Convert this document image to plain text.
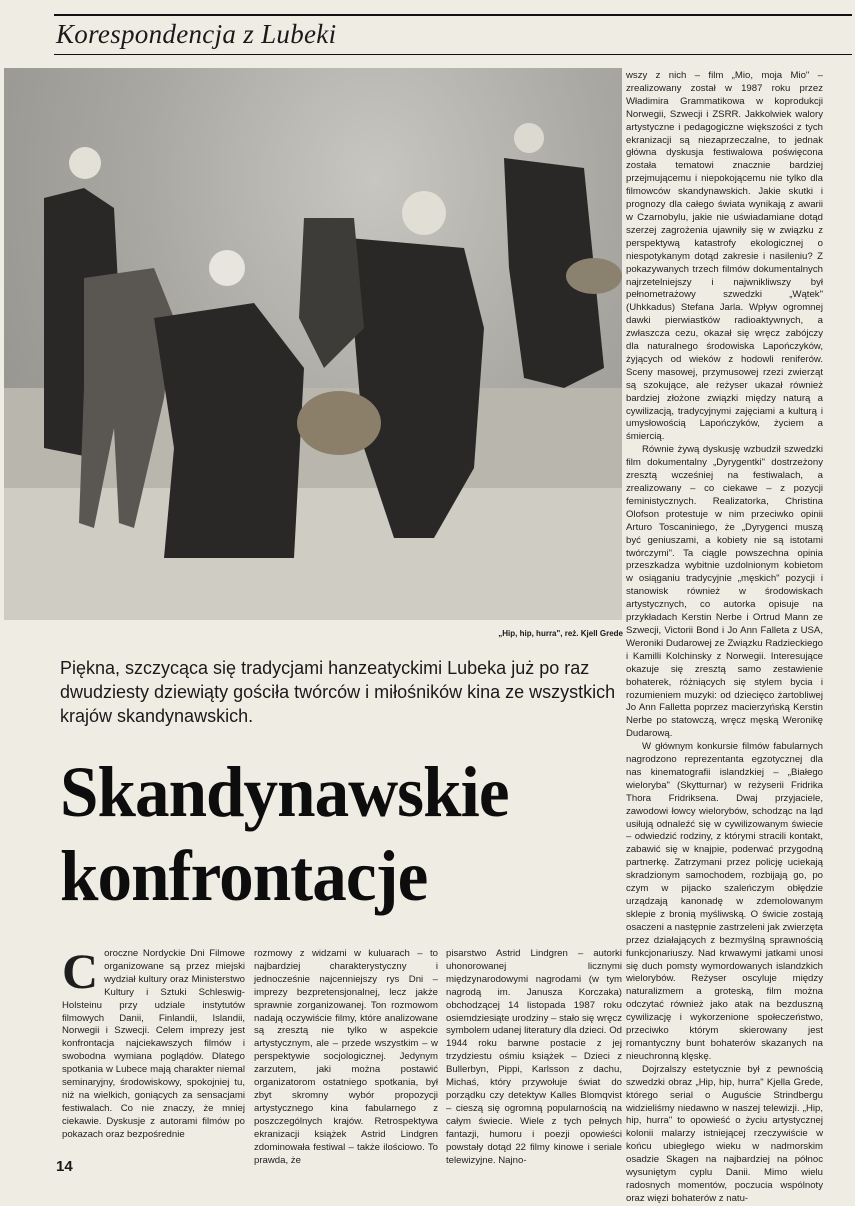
Korespondencja z Lubeki
„Hip, hip, hurra", reż. Kjell Grede
Piękna, szczycąca się tradycjami hanzeatyckimi Lubeka już po raz dwudziesty dziewiąty gościła twórców i miłośników kina ze wszystkich krajów skandynawskich.
Skandynawskie
konfrontacje

Coroczne Nordyckie Dni Filmowe organizowane są przez miejski wydział kultury oraz Ministerstwo Kultury i Sztuki Schleswig-Holsteinu przy udziale instytutów filmowych Danii, Finlandii, Islandii, Norwegii i Szwecji. Celem imprezy jest konfrontacja najciekawszych filmów i swobodna wymiana poglądów. Dlatego spotkania w Lubece mają charakter niemal seminaryjny, środowiskowy, spokojniej tu, niż na wielkich, goniących za sensacjami festiwalach. Co nie znaczy, że mniej ciekawie. Dyskusje z autorami filmów po pokazach oraz bezpośrednie

rozmowy z widzami w kuluarach – to najbardziej charakterystyczny i jednocześnie najcenniejszy rys Dni – imprezy bezpretensjonalnej, lecz jakże sprawnie zorganizowanej. Ton rozmowom nadają oczywiście filmy, które analizowane są zresztą nie tylko w aspekcie artystycznym, ale – przede wszystkim – w perspektywie socjologicznej. Jedynym zarzutem, jaki można postawić organizatorom ostatniego spotkania, był zbyt skromny wybór propozycji artystycznego kina fabularnego z poszczególnych krajów. Retrospektywa ekranizacji książek Astrid Lindgren zdominowała festiwal – także ilościowo. To prawda, że

pisarstwo Astrid Lindgren – autorki uhonorowanej licznymi międzynarodowymi nagrodami (w tym nagrodą im. Janusza Korczaka) obchodzącej 14 listopada 1987 roku osiemdziesiąte urodziny – stało się wręcz symbolem udanej literatury dla dzieci. Od 1944 roku barwne postacie z jej trzydziestu ośmiu książek – Dzieci z Bullerbyn, Pippi, Karlsson z dachu, Michaś, który przywołuje świat do porządku czy detektyw Kalles Blomqvist – cieszą się ogromną popularnością na całym świecie. Wiele z tych pełnych fantazji, humoru i poezji opowieści powstały dotąd 22 filmy kinowe i seriale telewizyjne. Najno-

wszy z nich – film „Mio, moja Mio" – zrealizowany został w 1987 roku przez Władimira Grammatikowa w koprodukcji Norwegii, Szwecji i ZSRR. Jakkolwiek walory artystyczne i pedagogiczne większości z tych ekranizacji są niezaprzeczalne, to jednak główna dyskusja festiwalowa poświęcona została tematowi znacznie bardziej przejmującemu i niepokojącemu nie tylko dla filmowców skandynawskich. Jakie skutki i prognozy dla całego świata wynikają z awarii w Czarnobylu, jakie nie uświadamiane dotąd szerzej zagrożenia ujawniły się w związku z perspektywą katastrofy ekologicznej o niespotykanym dotąd zakresie i nasileniu? Z pokazywanych trzech filmów dokumentalnych najrzetelniejszy i najwnikliwszy był pełnometrażowy szwedzki „Wątek" (Uhkkadus) Stefana Jarla. Wpływ ogromnej dawki pierwiastków radioaktywnych, a zwłaszcza cezu, okazał się wręcz zabójczy dla naturalnego środowiska Lapończyków, żyjących od wieków z hodowli reniferów. Sceny masowej, przymusowej rzezi zwierząt są szokujące, ale reżyser ukazał również bardziej złożone związki między naturą a cywilizacją, tradycyjnymi zajęciami a kulturą i umysłowością Lapończyków, życiem a śmiercią.

Równie żywą dyskusję wzbudził szwedzki film dokumentalny „Dyrygentki" dostrzeżony zresztą wcześniej na festiwalach, a zrealizowany – co ciekawe – z pozycji feministycznych. Realizatorka, Christina Olofson protestuje w nim przeciwko opinii Arturo Toscaniniego, że „Dyrygenci muszą być geniuszami, a kobiety nie są istotami twórczymi". Ta ciągle powszechna opinia przeszkadza wybitnie uzdolnionym kobietom w osiąganiu tradycyjnie „męskich" pozycji i stanowisk również w środowiskach artystycznych, co autorka opisuje na przykładach Kerstin Nerbe i Ortrud Mann ze Szwecji, Victorii Bond i Jo Ann Falleta z USA, Weroniki Dudarowej ze Związku Radzieckiego i Kamilli Kolchinsky z Norwegii. Interesujące okazuje się zresztą samo zestawienie bohaterek, różniących się stylem bycia i rozumieniem muzyki: od dziecięco żartobliwej Jo Ann Falletta poprzez macierzyńską Kerstin Nerbe po statowczą, wręcz męską Weronikę Dudarową.

W głównym konkursie filmów fabularnych nagrodzono reprezentanta egzotycznej dla nas kinematografii islandzkiej – „Białego wieloryba" (Skytturnar) w reżyserii Fridrika Thora Fridriksena. Dwaj przyjaciele, zawodowi łowcy wielorybów, schodząc na ląd usiłują odnaleźć się w cywilizowanym świecie – odwiedzić rodziny, z którymi stracili kontakt, zabawić się w knajpie, poderwać przygodną partnerkę. Zatrzymani przez policję uciekają skradzionym samochodem, rozbijają go, po czym w pijacko szaleńczym obłędzie urządzają kanonadę w zdemolowanym sklepie z bronią myśliwską. O świcie zostają osaczeni a następnie zastrzeleni jak zwierzęta przez działających z bezmyślną sprawnością funkcjonariuszy. Nad krwawymi jatkami unosi się duch pomsty wymordowanych islandzkich wielorybów. Reżyser oscyluje między naturalizmem a groteską, film można odczytać również jako atak na bezduszną cywilizację i wykorzenione społeczeństwo, przeciwko którym skierowany jest romantyczny bunt bohaterów skazanych na nieuchronną klęskę.

Dojrzalszy estetycznie był z pewnością szwedzki obraz „Hip, hip, hurra" Kjella Grede, którego serial o Auguście Strindbergu widzieliśmy niedawno w naszej telewizji. „Hip, hip, hurra" to opowieść o życiu artystycznej kolonii malarzy istniejącej rzeczywiście w końcu ubiegłego wieku w nadmorskim osadzie Skagen na najbardziej na północ wysuniętym cyplu Danii. Mimo wielu radosnych momentów, poczucia wspólnoty oraz więzi bohaterów z natu-

14
